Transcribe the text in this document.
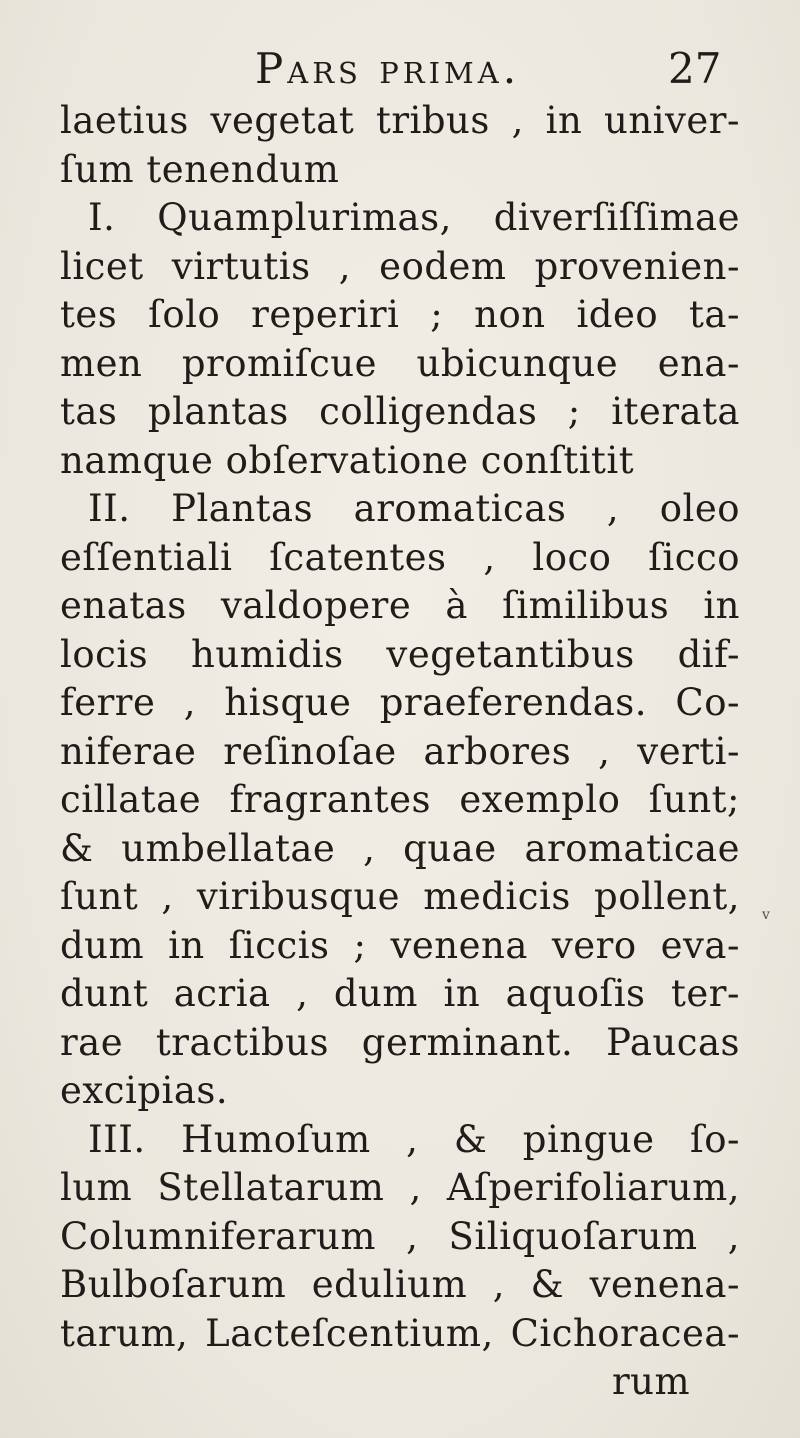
Pars prima.	27
laetius vegetat tribus , in univer-
ſum tenendum
I. Quamplurimas, diverſiſſimae
licet virtutis , eodem provenien-
tes ſolo reperiri ; non ideo ta-
men promiſcue ubicunque ena-
tas plantas colligendas ; iterata
namque obſervatione conſtitit
II. Plantas aromaticas , oleo
eſſentiali ſcatentes , loco ſicco
enatas valdopere à ſimilibus in
locis humidis vegetantibus dif-
ferre , hisque praeferendas. Co-
niferae reſinoſae arbores , verti-
cillatae fragrantes exemplo ſunt;
& umbellatae , quae aromaticae
ſunt , viribusque medicis pollent,
dum in ſiccis ; venena vero eva-
dunt acria , dum in aquoſis ter-
rae tractibus germinant. Paucas
excipias.
III. Humoſum , & pingue ſo-
lum Stellatarum , Aſperifoliarum,
Columniferarum , Siliquoſarum ,
Bulboſarum edulium , & venena-
tarum, Lacteſcentium, Cichoracea-
rum
v
